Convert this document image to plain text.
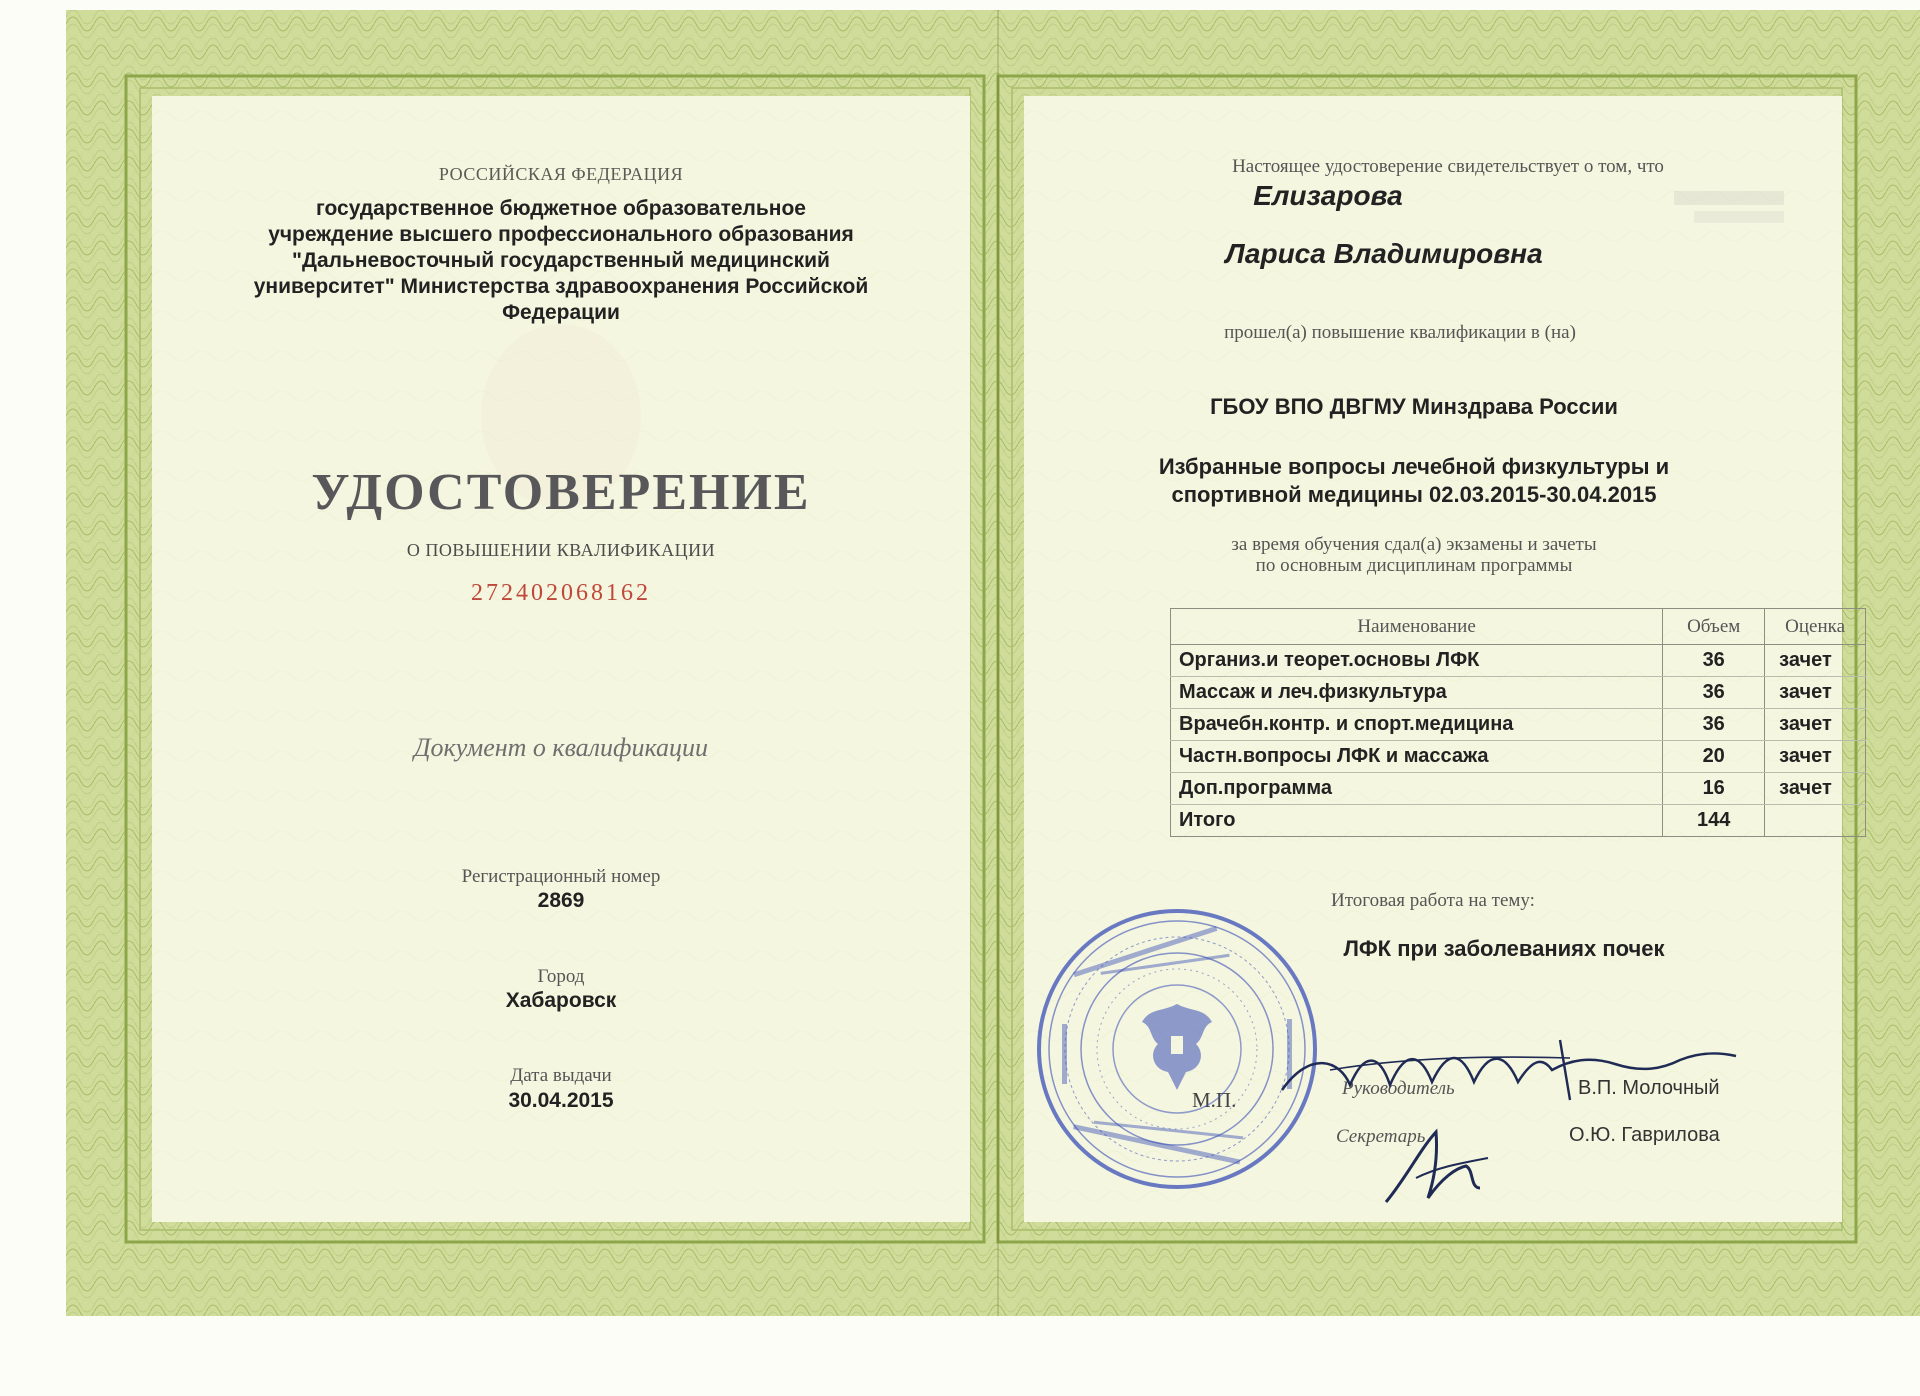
РОССИЙСКАЯ ФЕДЕРАЦИЯ
государственное бюджетное образовательное
учреждение высшего профессионального образования
"Дальневосточный государственный медицинский
университет" Министерства здравоохранения Российской
Федерации
УДОСТОВЕРЕНИЕ
О ПОВЫШЕНИИ КВАЛИФИКАЦИИ
272402068162
Документ о квалификации
Регистрационный номер
2869
Город
Хабаровск
Дата выдачи
30.04.2015
Настоящее удостоверение свидетельствует о том, что
Елизарова
Лариса Владимировна
прошел(а) повышение квалификации в (на)
ГБОУ ВПО ДВГМУ Минздрава России
Избранные вопросы лечебной физкультуры и
спортивной медицины 02.03.2015-30.04.2015
за время обучения сдал(а) экзамены и зачеты
по основным дисциплинам программы
Наименование	Объем	Оценка
Организ.и теорет.основы ЛФК	36	зачет
Массаж и леч.физкультура	36	зачет
Врачебн.контр. и спорт.медицина	36	зачет
Частн.вопросы ЛФК и массажа	20	зачет
Доп.программа	16	зачет
Итого	144	
Итоговая работа на тему:
ЛФК при заболеваниях почек
М.П.	Руководитель	В.П. Молочный
Секретарь	О.Ю. Гаврилова
